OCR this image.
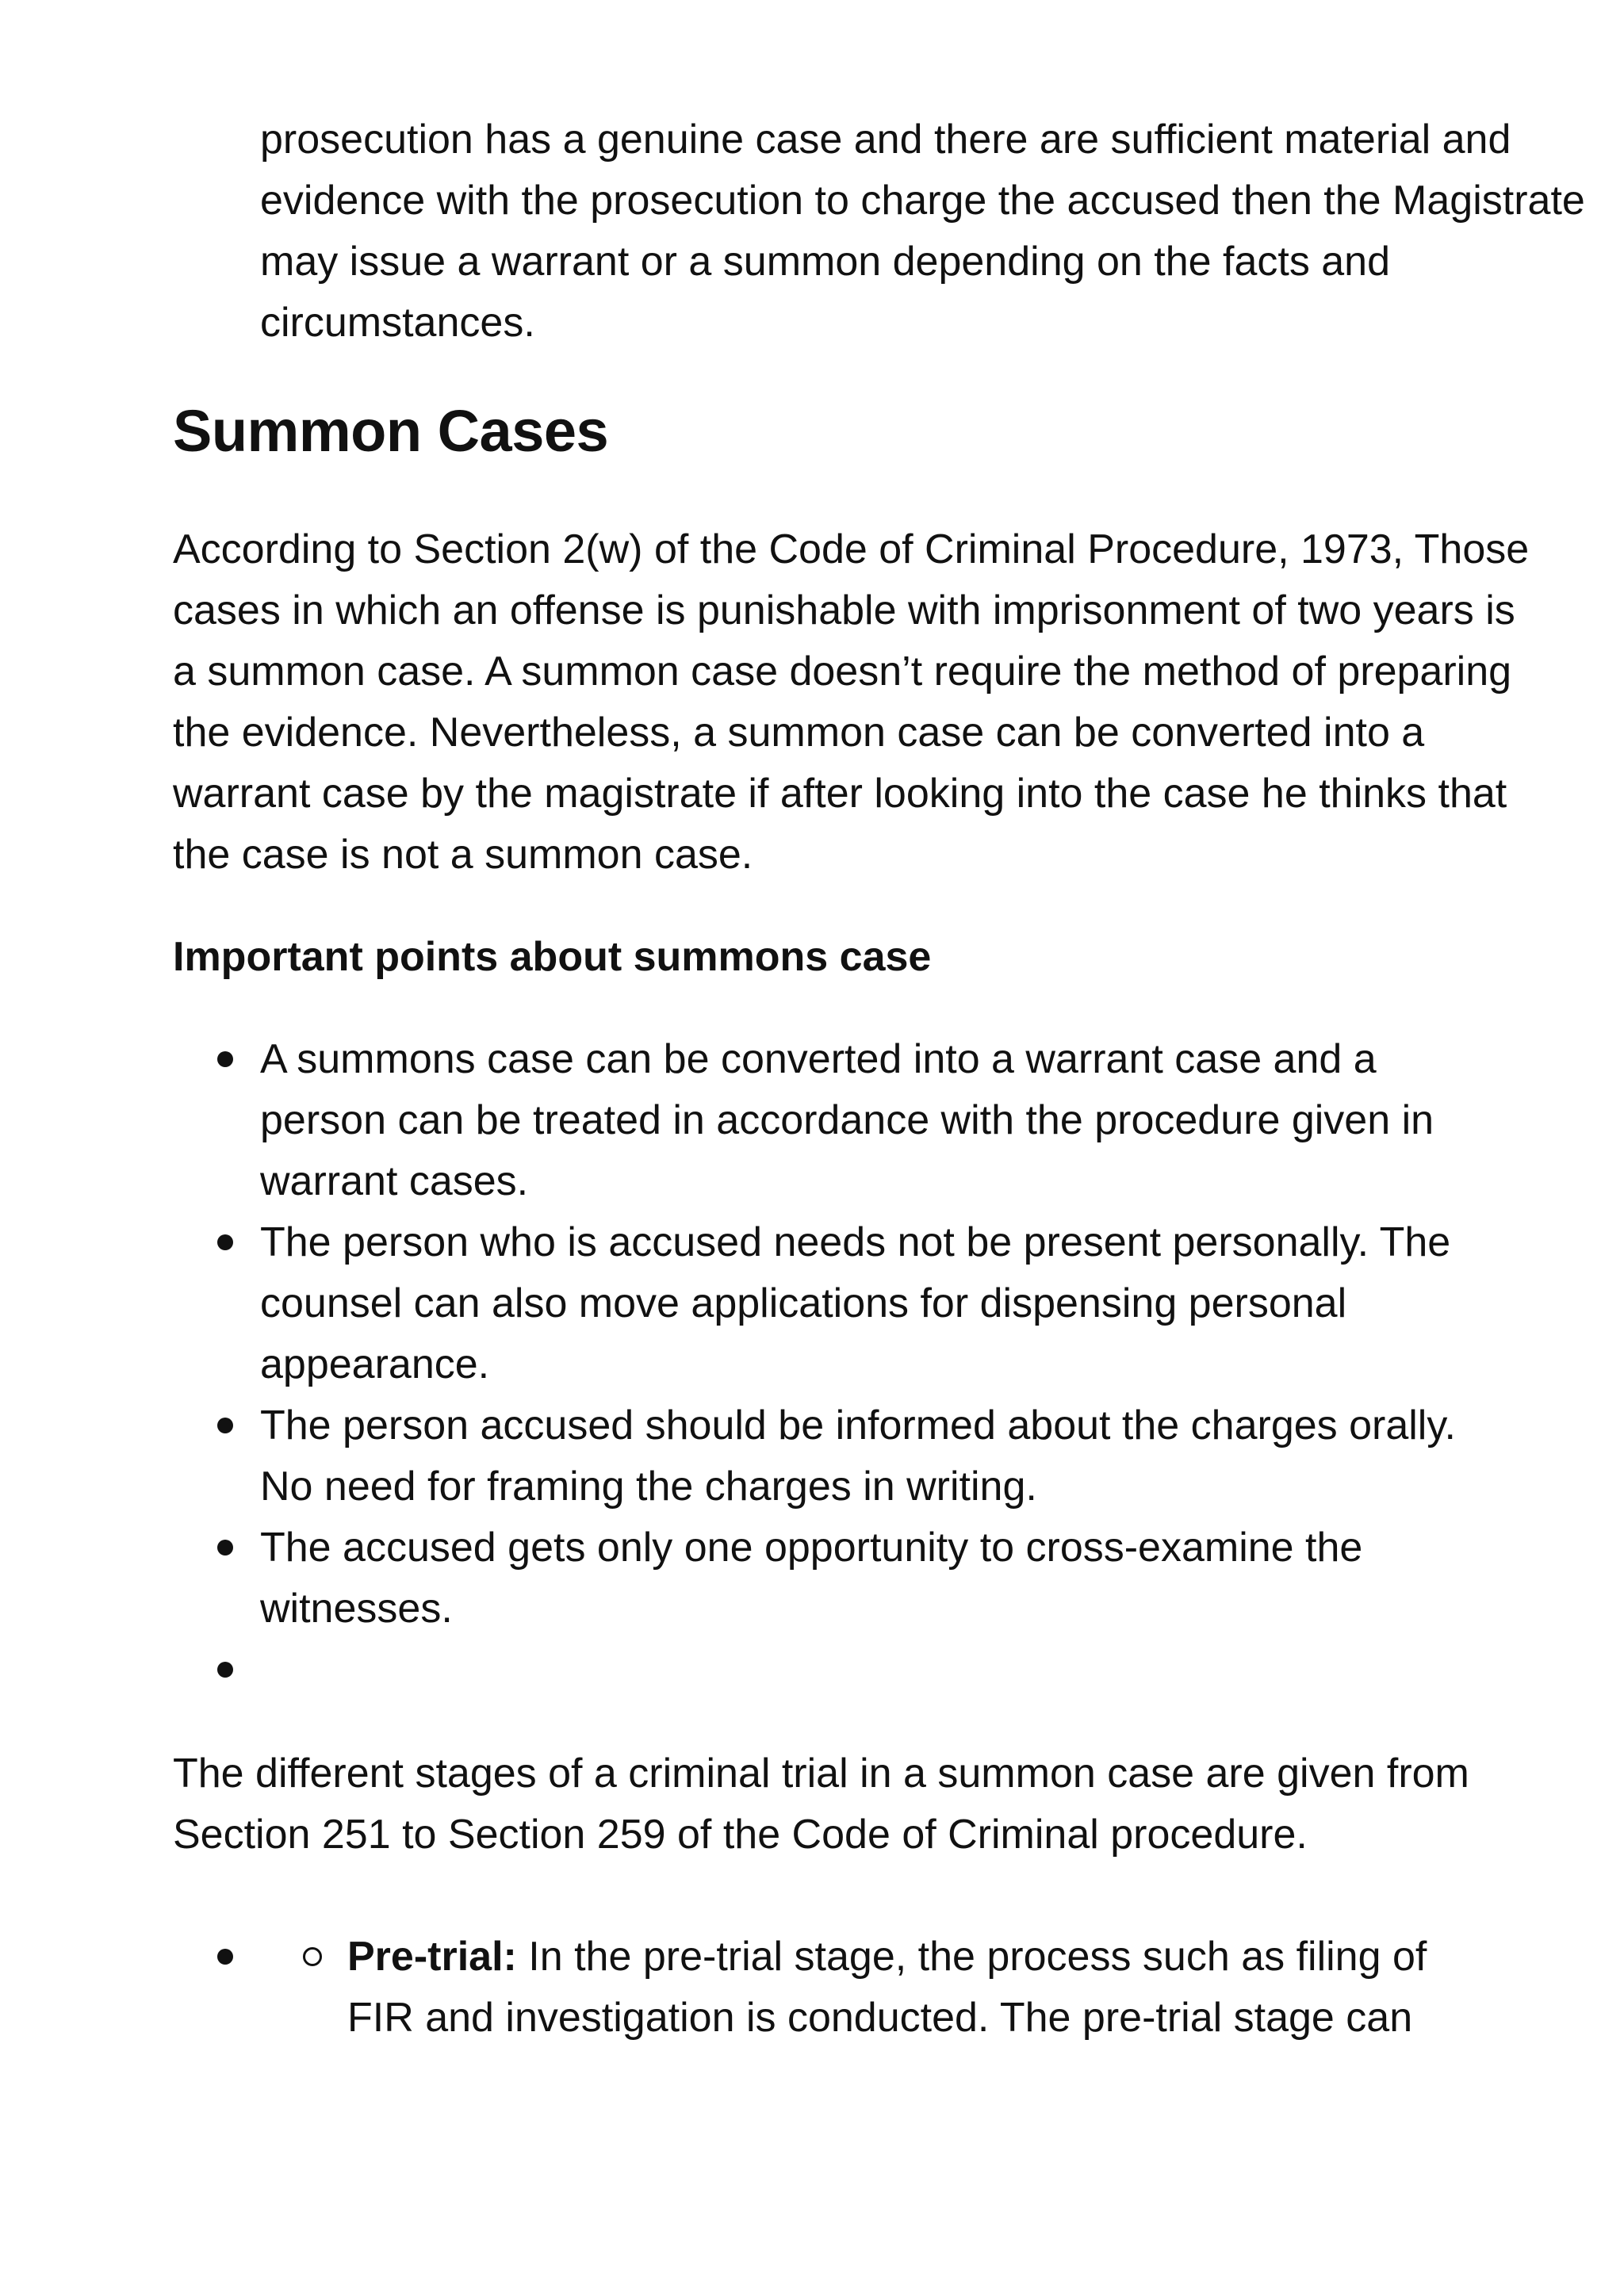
prosecution has a genuine case and there are sufficient material and evidence with the prosecution to charge the accused then the Magistrate may issue a warrant or a summon depending on the facts and circumstances.

Summon Cases

According to Section 2(w) of the Code of Criminal Procedure, 1973, Those cases in which an offense is punishable with imprisonment of two years is a summon case. A summon case doesn’t require the method of preparing the evidence. Nevertheless, a summon case can be converted into a warrant case by the magistrate if after looking into the case he thinks that the case is not a summon case.

Important points about summons case

A summons case can be converted into a warrant case and a person can be treated in accordance with the procedure given in warrant cases.
The person who is accused needs not be present personally. The counsel can also move applications for dispensing personal appearance.
The person accused should be informed about the charges orally. No need for framing the charges in writing.
The accused gets only one opportunity to cross-examine the witnesses.

The different stages of a criminal trial in a summon case are given from Section 251 to Section 259 of the Code of Criminal procedure.

Pre-trial: In the pre-trial stage, the process such as filing of FIR and investigation is conducted. The pre-trial stage can
